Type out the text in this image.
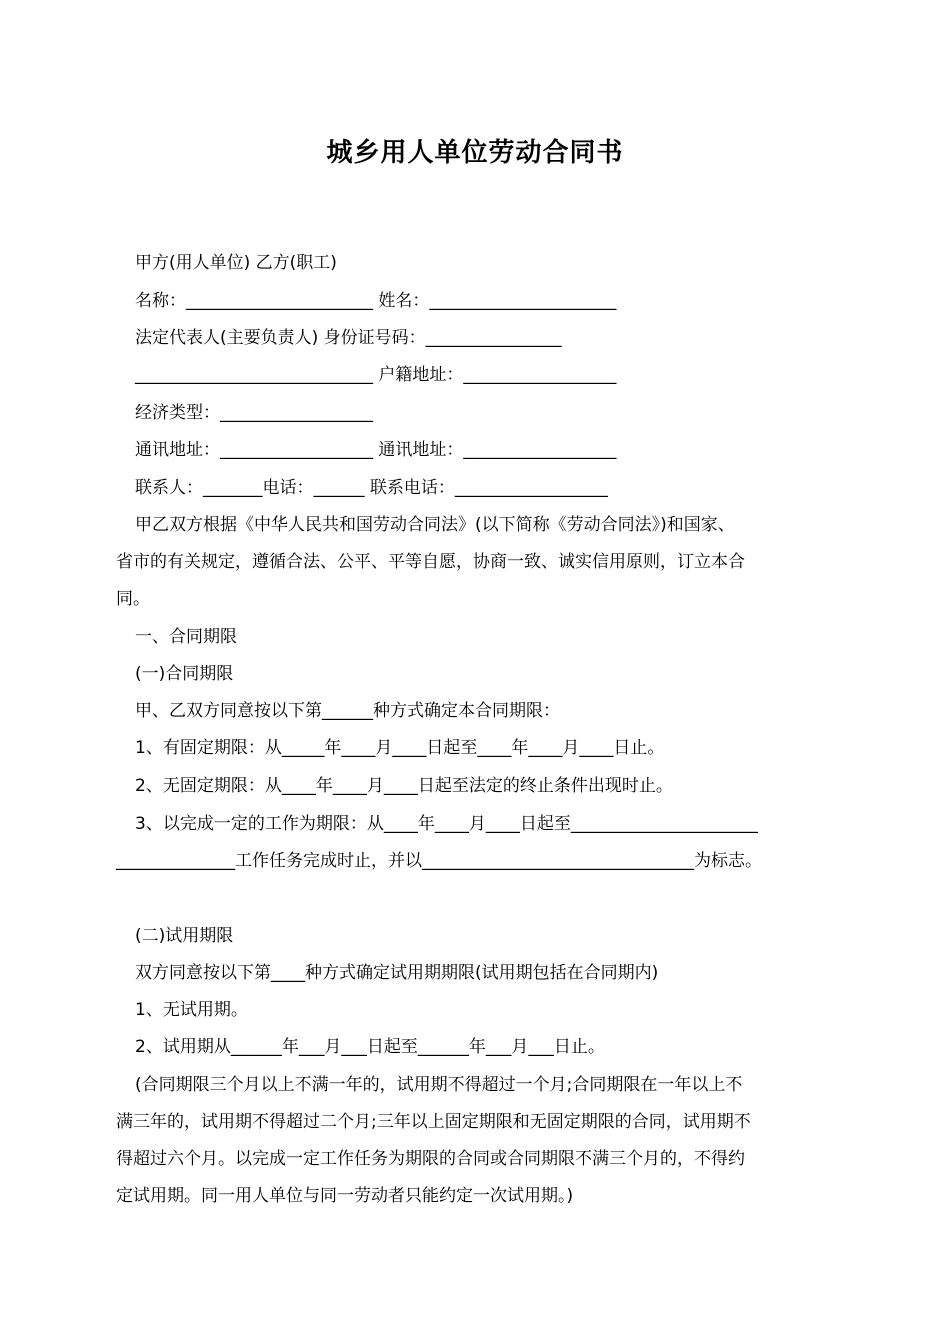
城乡用人单位劳动合同书
甲方(用人单位) 乙方(职工)
名称：______________________ 姓名：______________________
法定代表人(主要负责人) 身份证号码：________________
____________________________ 户籍地址：__________________
经济类型：__________________
通讯地址：__________________ 通讯地址：__________________
联系人：_______电话：______ 联系电话：__________________
甲乙双方根据《中华人民共和国劳动合同法》(以下简称《劳动合同法》)和国家、
省市的有关规定，遵循合法、公平、平等自愿，协商一致、诚实信用原则，订立本合
同。
一、合同期限
(一)合同期限
甲、乙双方同意按以下第______种方式确定本合同期限：
1、有固定期限：从_____年____月____日起至____年____月____日止。
2、无固定期限：从____年____月____日起至法定的终止条件出现时止。
3、以完成一定的工作为期限：从____年____月____日起至______________________
______________工作任务完成时止，并以________________________________为标志。
(二)试用期限
双方同意按以下第____种方式确定试用期期限(试用期包括在合同期内)
1、无试用期。
2、试用期从______年___月___日起至______年___月___日止。
(合同期限三个月以上不满一年的，试用期不得超过一个月;合同期限在一年以上不
满三年的，试用期不得超过二个月;三年以上固定期限和无固定期限的合同，试用期不
得超过六个月。以完成一定工作任务为期限的合同或合同期限不满三个月的，不得约
定试用期。同一用人单位与同一劳动者只能约定一次试用期。)
